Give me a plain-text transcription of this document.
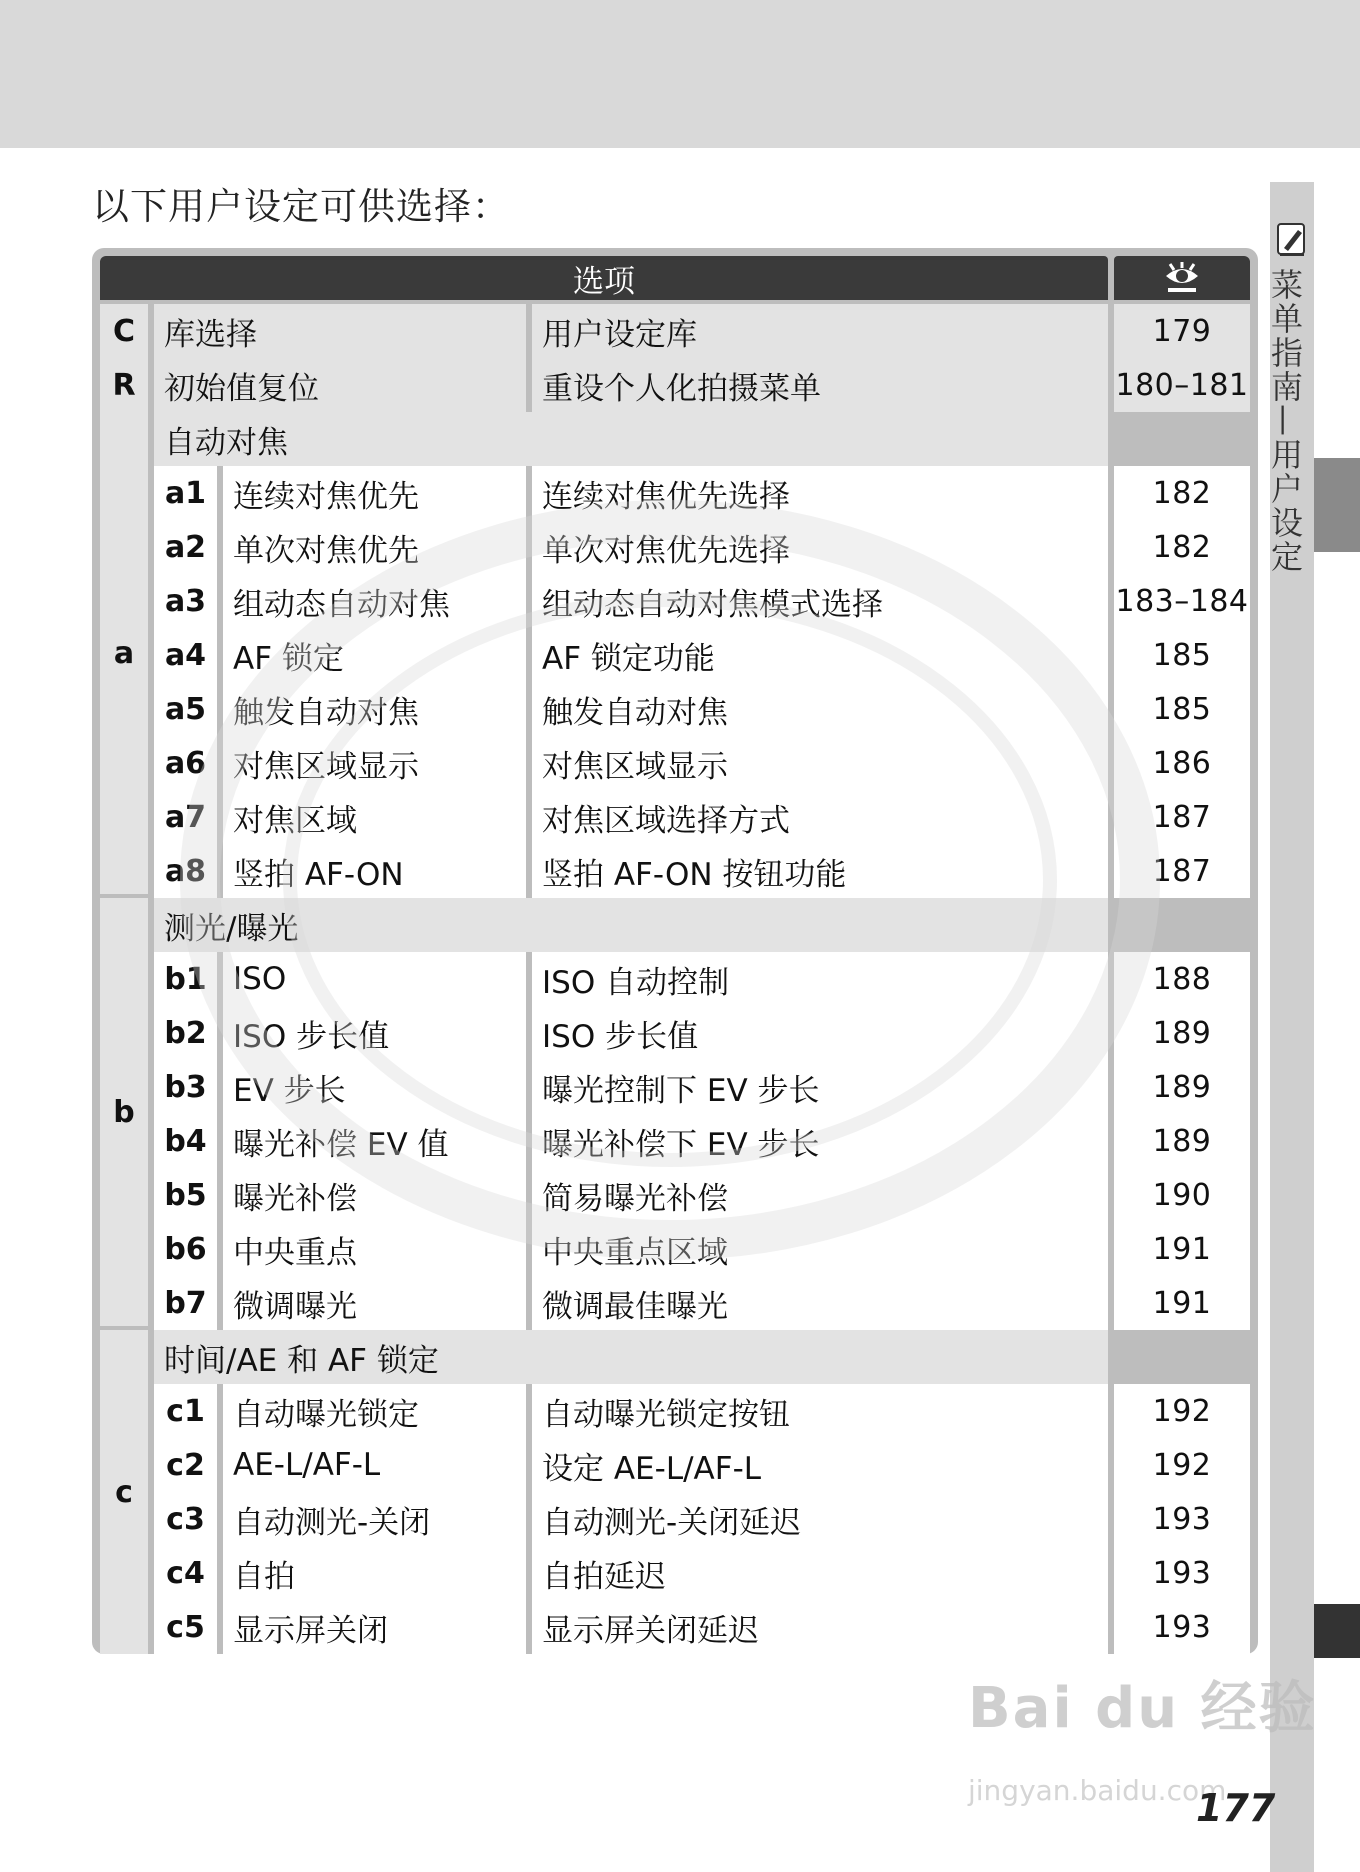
以下用户设定可供选择：
菜单指南—用户设定
选项
C 库选择	用户设定库	179
R 初始值复位	重设个人化拍摄菜单	180–181
自动对焦
a1 连续对焦优先	连续对焦优先选择	182
a2 单次对焦优先	单次对焦优先选择	182
a3 组动态自动对焦	组动态自动对焦模式选择	183–184
a4 AF 锁定	AF 锁定功能	185
a5 触发自动对焦	触发自动对焦	185
a6 对焦区域显示	对焦区域显示	186
a7 对焦区域	对焦区域选择方式	187
a8 竖拍 AF-ON	竖拍 AF-ON 按钮功能	187
a
测光/曝光
b1 ISO	ISO 自动控制	188
b2 ISO 步长值	ISO 步长值	189
b3 EV 步长	曝光控制下 EV 步长	189
b4 曝光补偿 EV 值	曝光补偿下 EV 步长	189
b5 曝光补偿	简易曝光补偿	190
b6 中央重点	中央重点区域	191
b7 微调曝光	微调最佳曝光	191
b
时间/AE 和 AF 锁定
c1 自动曝光锁定	自动曝光锁定按钮	192
c2 AE-L/AF-L	设定 AE-L/AF-L	192
c3 自动测光-关闭	自动测光-关闭延迟	193
c4 自拍	自拍延迟	193
c5 显示屏关闭	显示屏关闭延迟	193
c
Bai du 经验
jingyan.baidu.com
177
